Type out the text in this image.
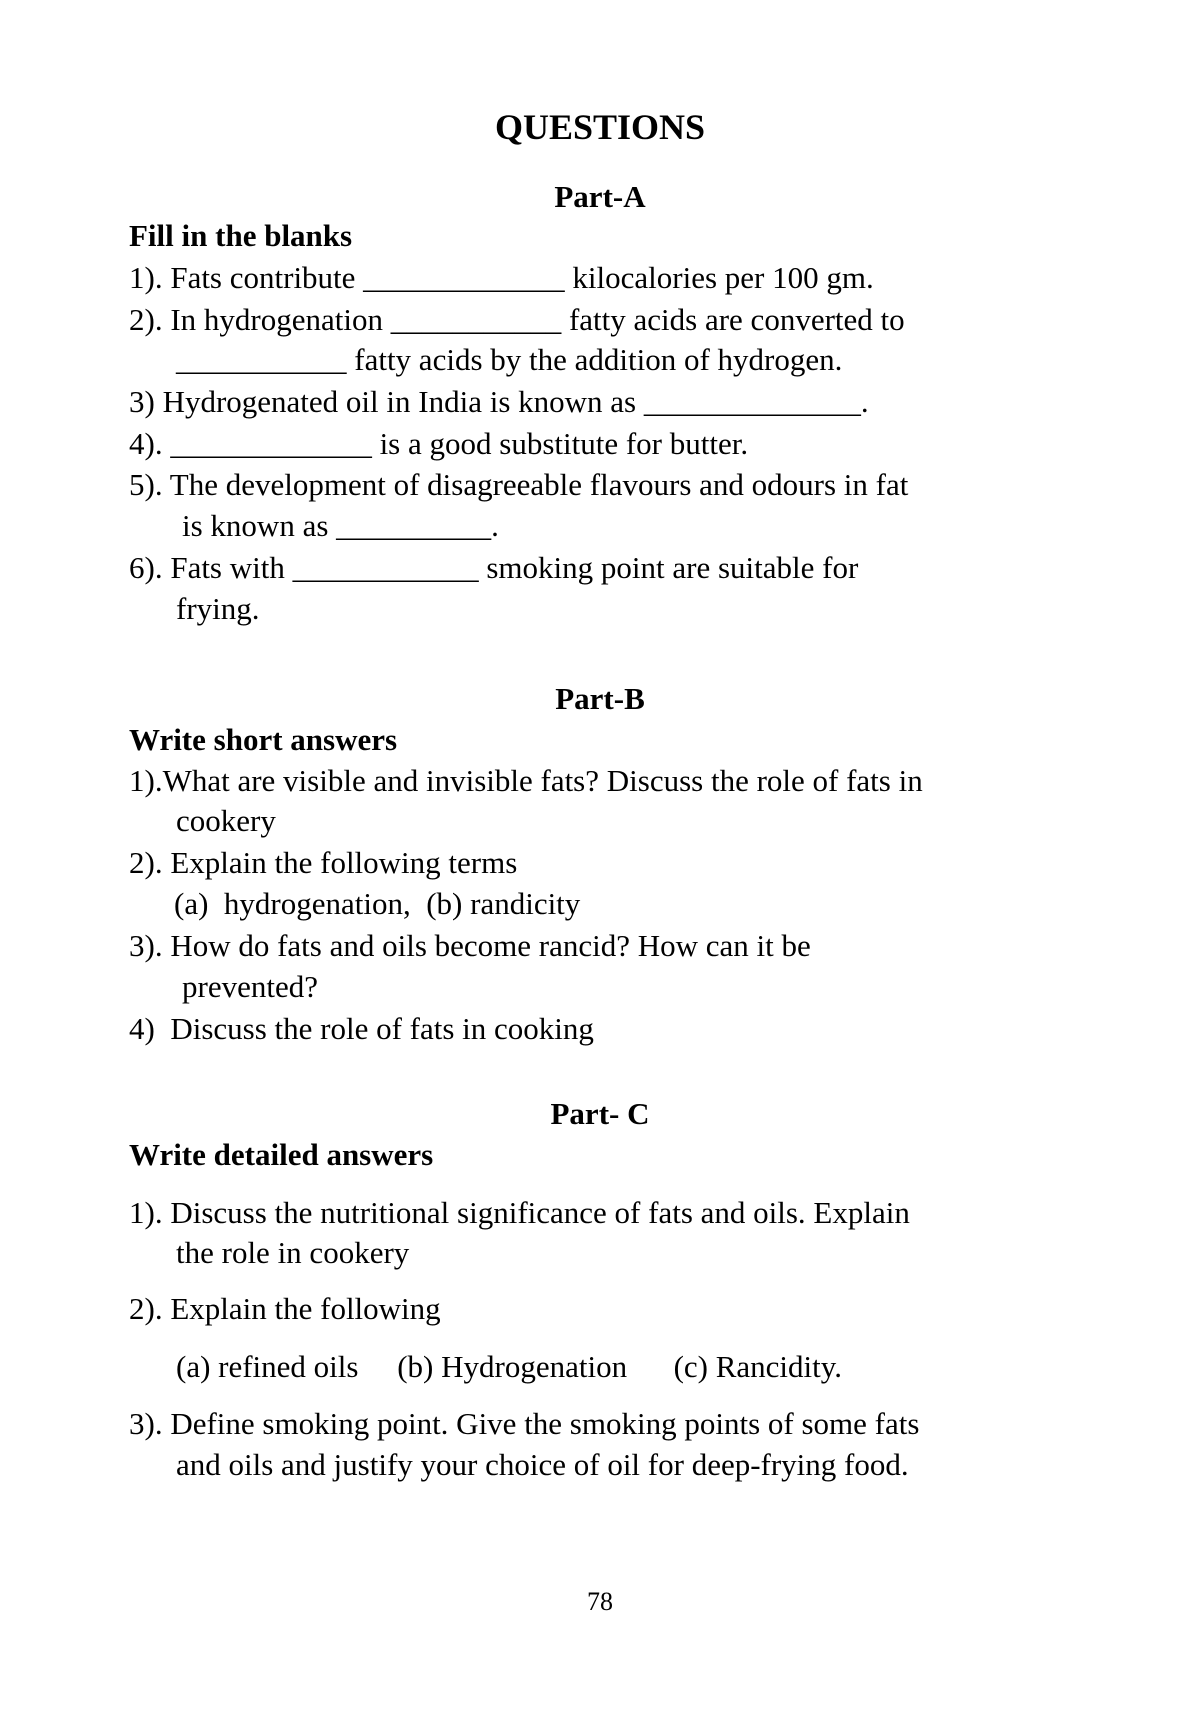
QUESTIONS
Part-A
Fill in the blanks
1). Fats contribute _____________ kilocalories per 100 gm.
2). In hydrogenation ___________ fatty acids are converted to
___________ fatty acids by the addition of hydrogen.
3) Hydrogenated oil in India is known as ______________.
4). _____________ is a good substitute for butter.
5). The development of disagreeable flavours and odours in fat
is known as __________.
6). Fats with ____________ smoking point are suitable for
frying.
Part-B
Write short answers
1).What are visible and invisible fats? Discuss the role of fats in
cookery
2). Explain the following terms
(a)  hydrogenation,  (b) randicity
3). How do fats and oils become rancid? How can it be
prevented?
4)  Discuss the role of fats in cooking
Part- C
Write detailed answers
1). Discuss the nutritional significance of fats and oils. Explain
the role in cookery
2). Explain the following
(a) refined oils     (b) Hydrogenation      (c) Rancidity.
3). Define smoking point. Give the smoking points of some fats
and oils and justify your choice of oil for deep-frying food.
78
